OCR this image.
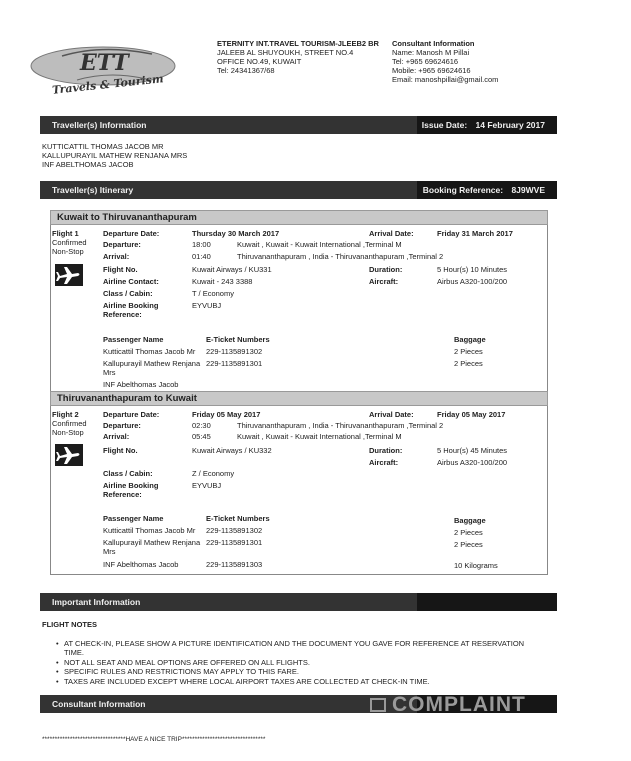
ETT
Travels & Tourism
ETERNITY INT.TRAVEL TOURISM-JLEEB2 BR
JALEEB AL SHUYOUKH, STREET NO.4
OFFICE NO.49, KUWAIT
Tel: 24341367/68
Consultant Information
Name: Manosh M Pillai
Tel: +965 69624616
Mobile: +965 69624616
Email: manoshpillai@gmail.com
Traveller(s) Information	Issue Date: 14 February 2017
KUTTICATTIL THOMAS JACOB MR
KALLUPURAYIL MATHEW RENJANA MRS
INF ABELTHOMAS JACOB
Traveller(s) Itinerary	Booking Reference: 8J9WVE
Kuwait to Thiruvananthapuram
Flight 1
Confirmed
Non-Stop
Departure Date:	Thursday 30 March 2017	Arrival Date:	Friday 31 March 2017
Departure:	18:00	Kuwait , Kuwait - Kuwait International ,Terminal M
Arrival:	01:40	Thiruvananthapuram , India - Thiruvananthapuram ,Terminal 2
Flight No.	Kuwait Airways / KU331	Duration:	5 Hour(s) 10 Minutes
Airline Contact:	Kuwait - 243 3388	Aircraft:	Airbus A320-100/200
Class / Cabin:	T / Economy
Airline Booking
Reference:
EYVUBJ
Passenger Name	E-Ticket Numbers	Baggage
Kutticattil Thomas Jacob Mr 229-1135891302	2 Pieces
Kallupurayil Mathew Renjana
Mrs
229-1135891301	2 Pieces
INF Abelthomas Jacob
Thiruvananthapuram to Kuwait
Flight 2
Confirmed
Non-Stop
Departure Date:	Friday 05 May 2017	Arrival Date:	Friday 05 May 2017
Departure:	02:30	Thiruvananthapuram , India - Thiruvananthapuram ,Terminal 2
Arrival:	05:45	Kuwait , Kuwait - Kuwait International ,Terminal M
Flight No.	Kuwait Airways / KU332	Duration:	5 Hour(s) 45 Minutes
Aircraft:	Airbus A320-100/200
Class / Cabin:	Z / Economy
Airline Booking
Reference:
EYVUBJ
Passenger Name	E-Ticket Numbers	Baggage
Kutticattil Thomas Jacob Mr 229-1135891302	2 Pieces
Kallupurayil Mathew Renjana
Mrs
229-1135891301	2 Pieces
INF Abelthomas Jacob	229-1135891303	10 Kilograms
Important Information
FLIGHT NOTES
• AT CHECK-IN, PLEASE SHOW A PICTURE IDENTIFICATION AND THE DOCUMENT YOU GAVE FOR REFERENCE AT RESERVATION
TIME.
• NOT ALL SEAT AND MEAL OPTIONS ARE OFFERED ON ALL FLIGHTS.
• SPECIFIC RULES AND RESTRICTIONS MAY APPLY TO THIS FARE.
• TAXES ARE INCLUDED EXCEPT WHERE LOCAL AIRPORT TAXES ARE COLLECTED AT CHECK-IN TIME.
Consultant Information	COMPLAINT
*********************************HAVE A NICE TRIP*********************************
